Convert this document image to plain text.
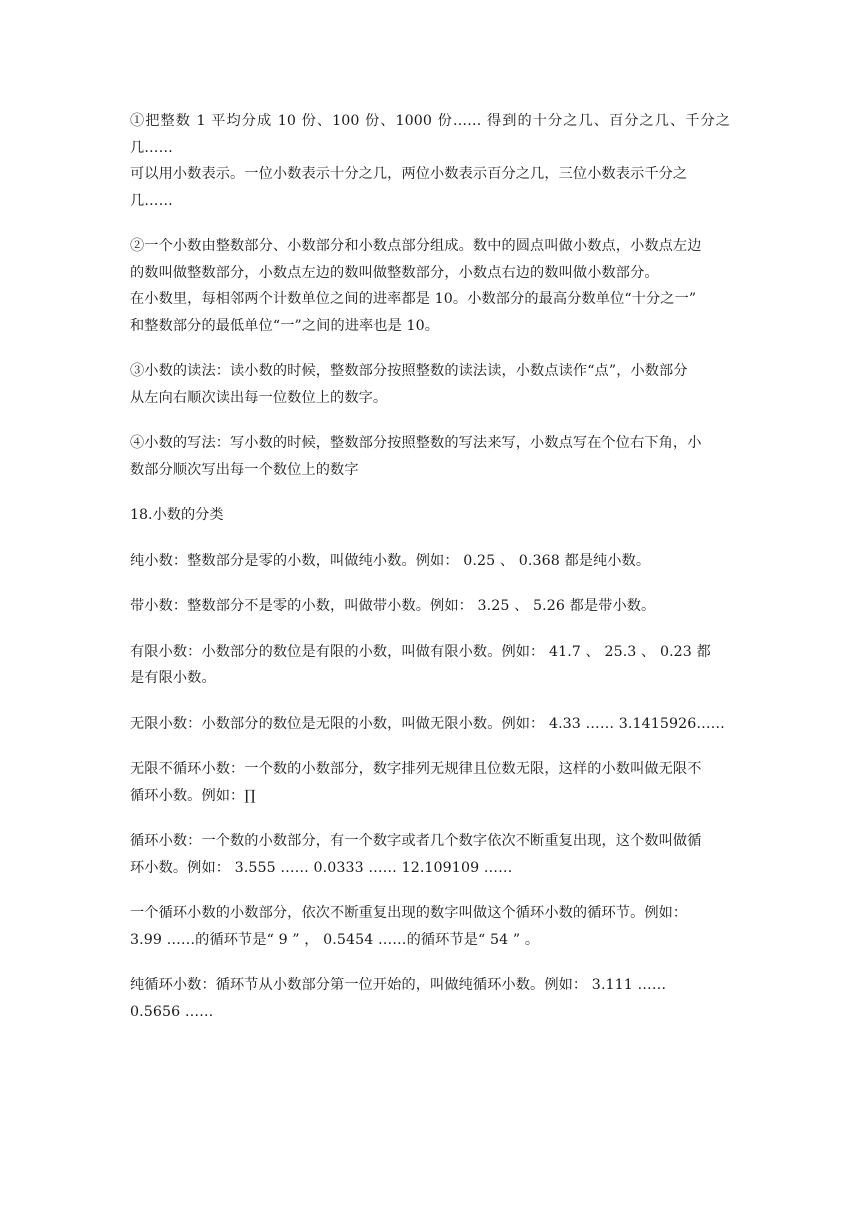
①把整数 1 平均分成 10 份、100 份、1000 份…… 得到的十分之几、百分之几、千分之几……
可以用小数表示。一位小数表示十分之几，两位小数表示百分之几，三位小数表示千分之
几……
②一个小数由整数部分、小数部分和小数点部分组成。数中的圆点叫做小数点，小数点左边
的数叫做整数部分，小数点左边的数叫做整数部分，小数点右边的数叫做小数部分。
在小数里，每相邻两个计数单位之间的进率都是 10。小数部分的最高分数单位“十分之一”
和整数部分的最低单位“一”之间的进率也是 10。
③小数的读法：读小数的时候，整数部分按照整数的读法读，小数点读作“点”，小数部分
从左向右顺次读出每一位数位上的数字。
④小数的写法：写小数的时候，整数部分按照整数的写法来写，小数点写在个位右下角，小
数部分顺次写出每一个数位上的数字
18.小数的分类
纯小数：整数部分是零的小数，叫做纯小数。例如： 0.25 、 0.368 都是纯小数。
带小数：整数部分不是零的小数，叫做带小数。例如： 3.25 、 5.26 都是带小数。
有限小数：小数部分的数位是有限的小数，叫做有限小数。例如： 41.7 、 25.3 、 0.23 都
是有限小数。
无限小数：小数部分的数位是无限的小数，叫做无限小数。例如： 4.33 …… 3.1415926……
无限不循环小数：一个数的小数部分，数字排列无规律且位数无限，这样的小数叫做无限不
循环小数。例如：∏
循环小数：一个数的小数部分，有一个数字或者几个数字依次不断重复出现，这个数叫做循
环小数。例如： 3.555 …… 0.0333 …… 12.109109 ……
一个循环小数的小数部分，依次不断重复出现的数字叫做这个循环小数的循环节。例如：
3.99 ……的循环节是“ 9 ” ， 0.5454 ……的循环节是“ 54 ” 。
纯循环小数：循环节从小数部分第一位开始的，叫做纯循环小数。例如： 3.111 ……
0.5656 ……
